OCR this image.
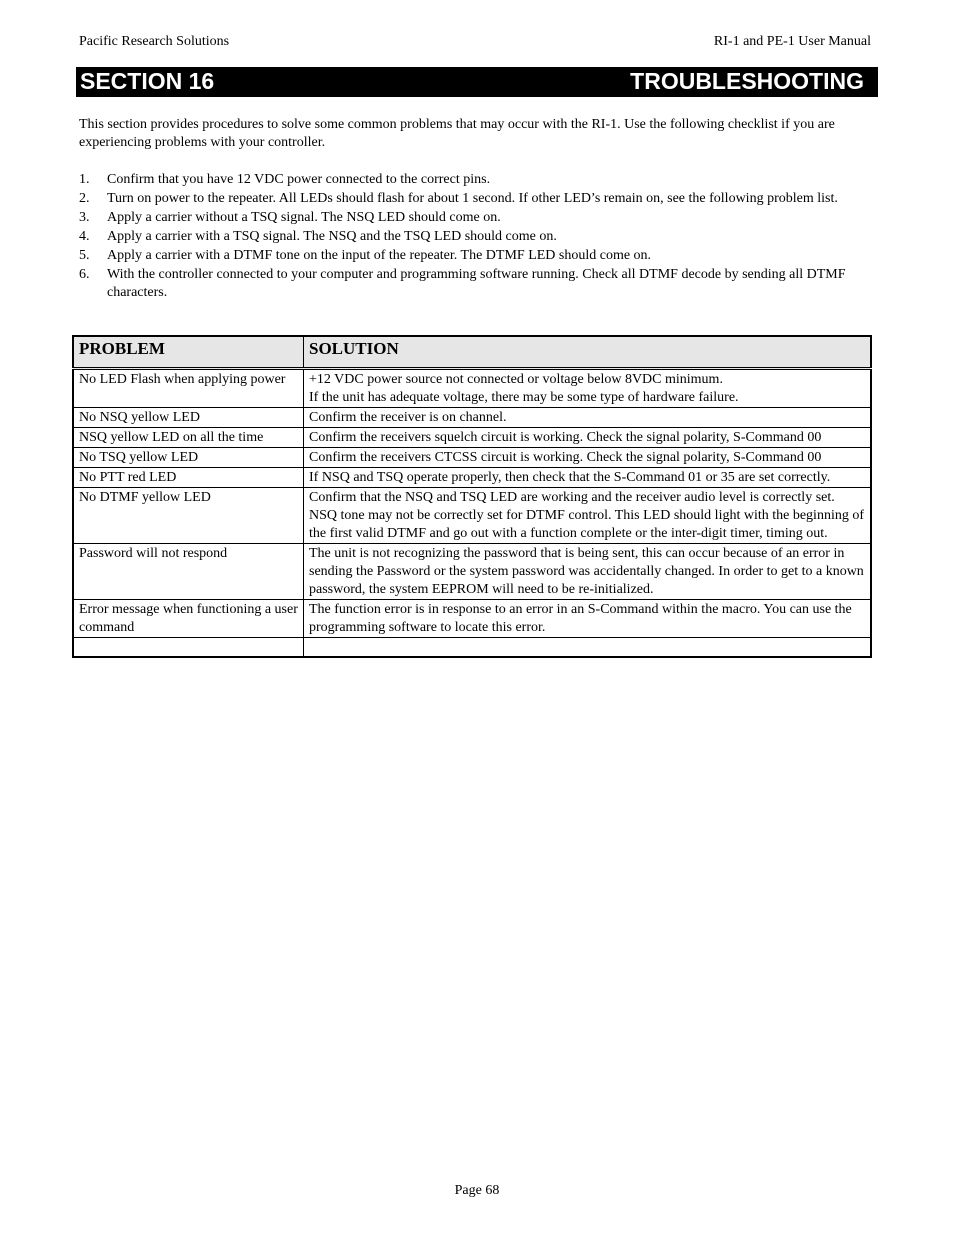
Pacific Research Solutions	RI-1 and PE-1 User Manual
SECTION 16	TROUBLESHOOTING

This section provides procedures to solve some common problems that may occur with the RI-1. Use the following checklist if you are experiencing problems with your controller.

1.	Confirm that you have 12 VDC power connected to the correct pins.
2.	Turn on power to the repeater. All LEDs should flash for about 1 second. If other LED’s remain on, see the following problem list.
3.	Apply a carrier without a TSQ signal. The NSQ LED should come on.
4.	Apply a carrier with a TSQ signal. The NSQ and the TSQ LED should come on.
5.	Apply a carrier with a DTMF tone on the input of the repeater. The DTMF LED should come on.
6.	With the controller connected to your computer and programming software running. Check all DTMF decode by sending all DTMF characters.
PROBLEM	SOLUTION
No LED Flash when applying power	+12 VDC power source not connected or voltage below 8VDC minimum.
If the unit has adequate voltage, there may be some type of hardware failure.

No NSQ yellow LED	Confirm the receiver is on channel.

NSQ yellow LED on all the time	Confirm the receivers squelch circuit is working. Check the signal polarity, S-Command 00

No TSQ yellow LED	Confirm the receivers CTCSS circuit is working. Check the signal polarity, S-Command 00

No PTT red LED	If NSQ and TSQ operate properly, then check that the S-Command 01 or 35 are set correctly.

No DTMF yellow LED	Confirm that the NSQ and TSQ LED are working and the receiver audio level is correctly set. NSQ tone may not be correctly set for DTMF control. This LED should light with the beginning of the first valid DTMF and go out with a function complete or the inter-digit timer, timing out.

Password will not respond	The unit is not recognizing the password that is being sent, this can occur because of an error in sending the Password or the system password was accidentally changed. In order to get to a known password, the system EEPROM will need to be re-initialized.

Error message when functioning a user command	The function error is in response to an error in an S-Command within the macro. You can use the programming software to locate this error.

Page 68
